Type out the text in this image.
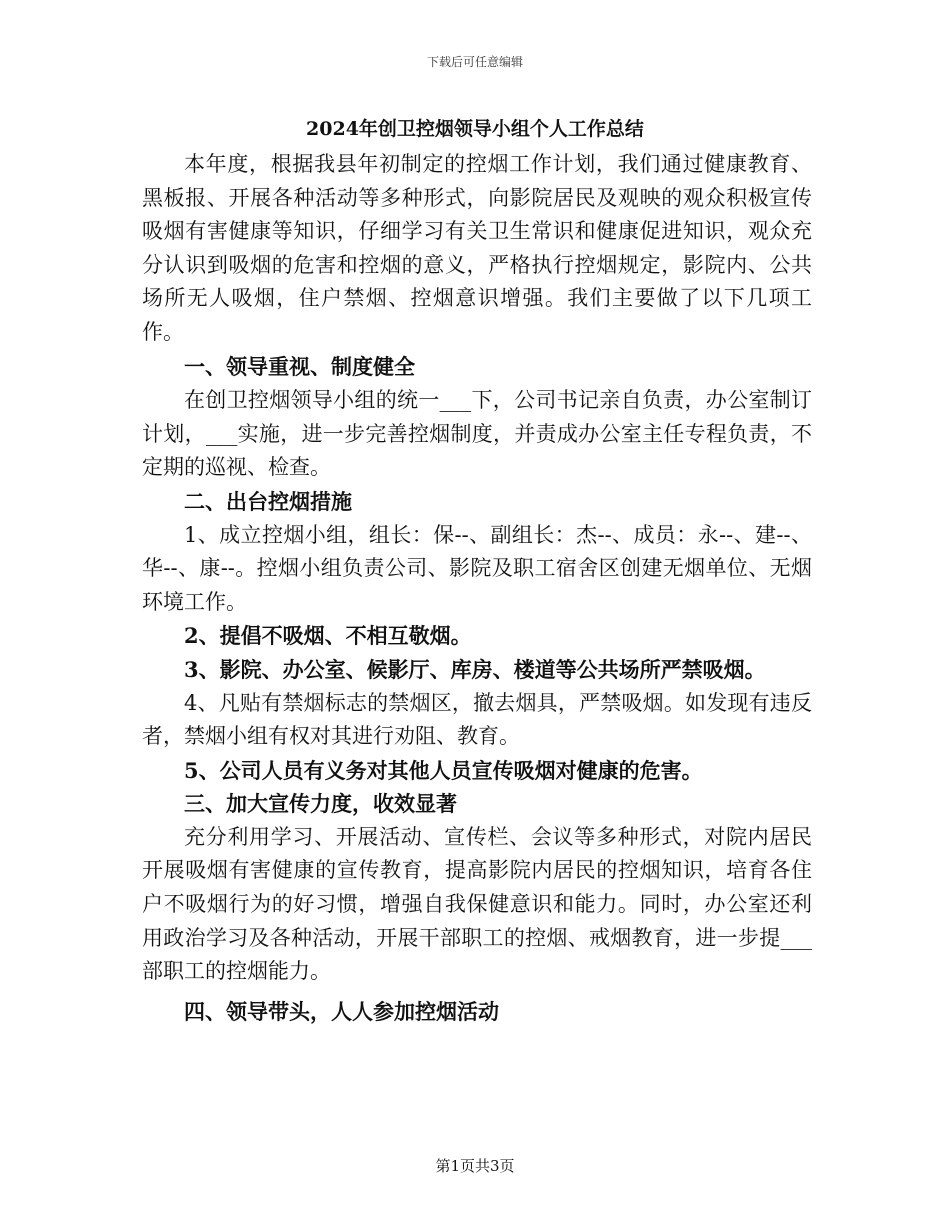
下载后可任意编辑
2024年创卫控烟领导小组个人工作总结

本年度，根据我县年初制定的控烟工作计划，我们通过健康教育、黑板报、开展各种活动等多种形式，向影院居民及观映的观众积极宣传吸烟有害健康等知识，仔细学习有关卫生常识和健康促进知识，观众充分认识到吸烟的危害和控烟的意义，严格执行控烟规定，影院内、公共场所无人吸烟，住户禁烟、控烟意识增强。我们主要做了以下几项工作。

一、领导重视、制度健全

在创卫控烟领导小组的统一___下，公司书记亲自负责，办公室制订计划，___实施，进一步完善控烟制度，并责成办公室主任专程负责，不定期的巡视、检查。

二、出台控烟措施

1、成立控烟小组，组长：保--、副组长：杰--、成员：永--、建--、华--、康--。控烟小组负责公司、影院及职工宿舍区创建无烟单位、无烟环境工作。

2、提倡不吸烟、不相互敬烟。

3、影院、办公室、候影厅、库房、楼道等公共场所严禁吸烟。

4、凡贴有禁烟标志的禁烟区，撤去烟具，严禁吸烟。如发现有违反者，禁烟小组有权对其进行劝阻、教育。

5、公司人员有义务对其他人员宣传吸烟对健康的危害。

三、加大宣传力度，收效显著

充分利用学习、开展活动、宣传栏、会议等多种形式，对院内居民开展吸烟有害健康的宣传教育，提高影院内居民的控烟知识，培育各住户不吸烟行为的好习惯，增强自我保健意识和能力。同时，办公室还利用政治学习及各种活动，开展干部职工的控烟、戒烟教育，进一步提___部职工的控烟能力。

四、领导带头，人人参加控烟活动

第1页共3页
